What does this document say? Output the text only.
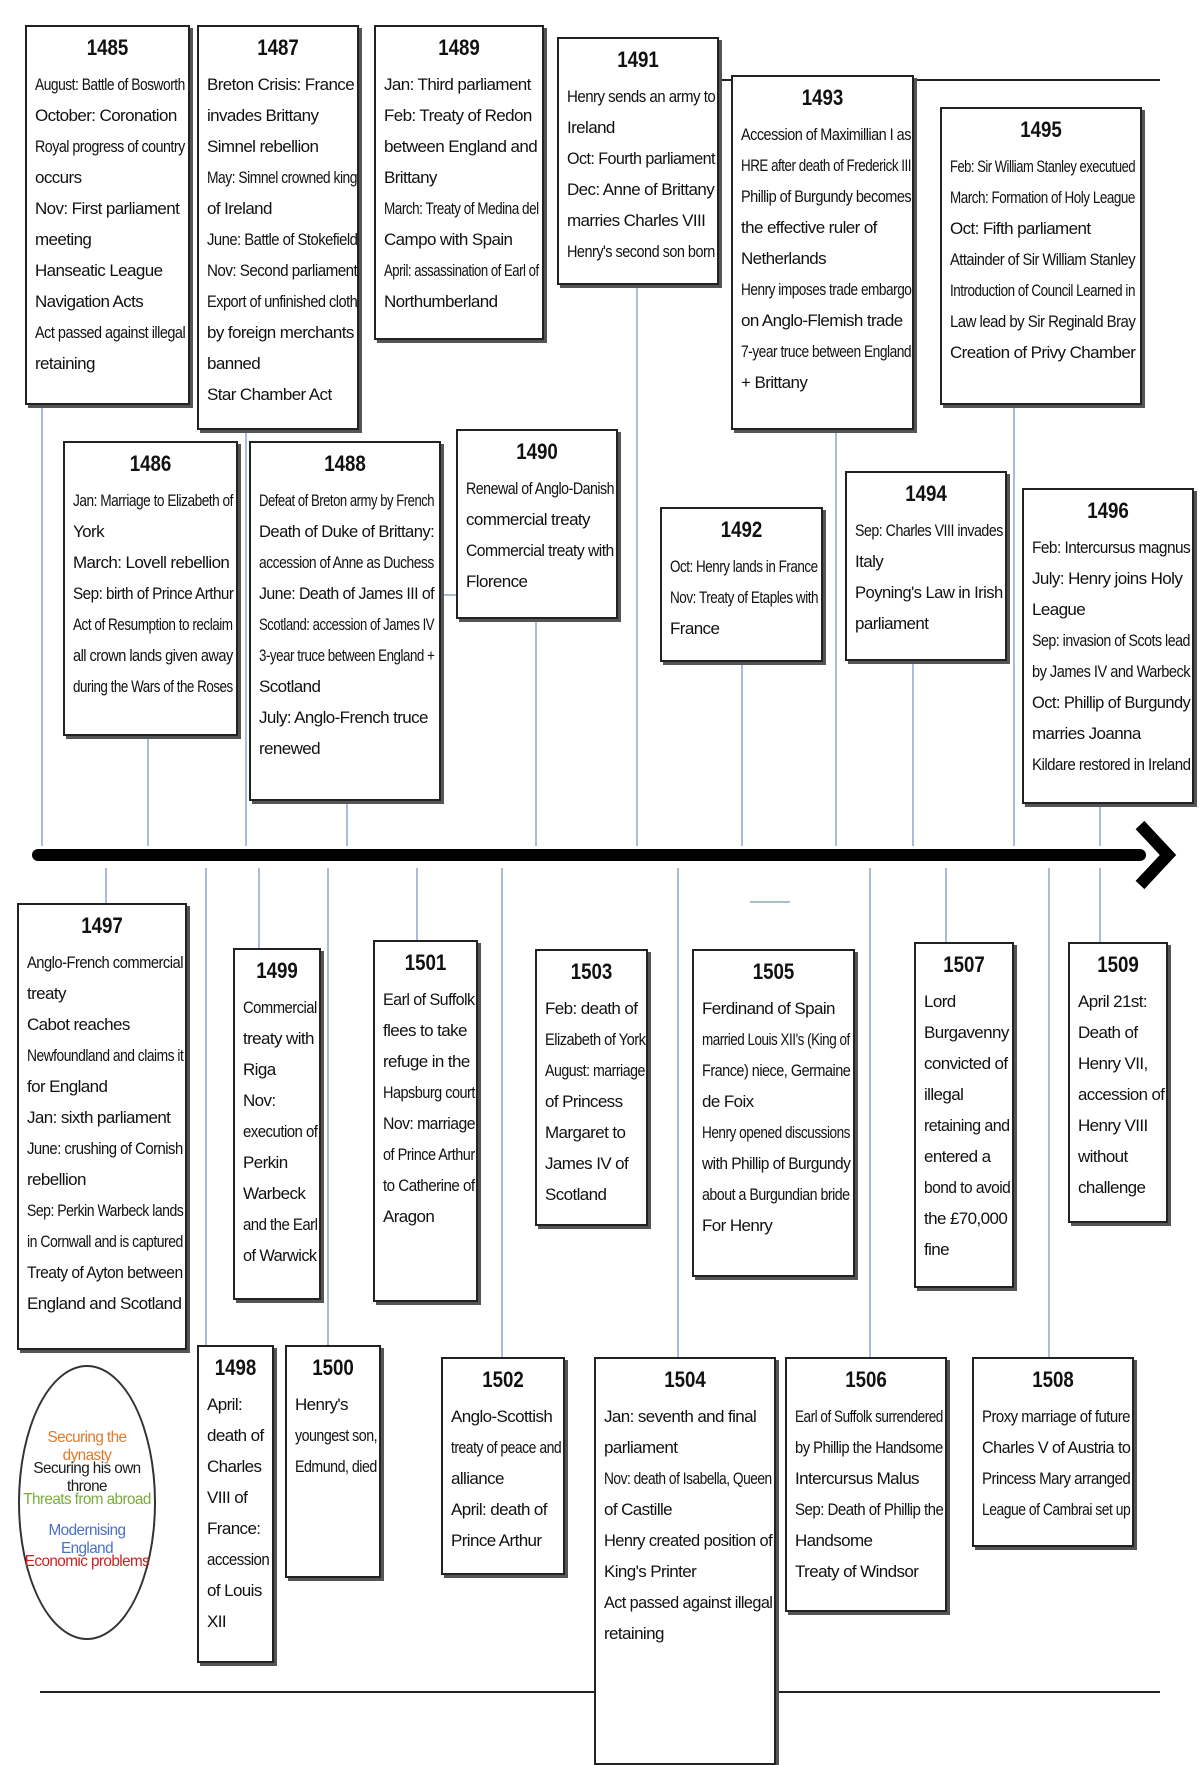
1485
August: Battle of Bosworth
October: Coronation
Royal progress of country
occurs
Nov: First parliament
meeting
Hanseatic League
Navigation Acts
Act passed against illegal
retaining
1487
Breton Crisis: France
invades Brittany
Simnel rebellion
May: Simnel crowned king
of Ireland
June: Battle of Stokefield
Nov: Second parliament
Export of unfinished cloth
by foreign merchants
banned
Star Chamber Act
1489
Jan: Third parliament
Feb: Treaty of Redon
between England and
Brittany
March: Treaty of Medina del
Campo with Spain
April: assassination of Earl of
Northumberland
1491
Henry sends an army to
Ireland
Oct: Fourth parliament
Dec: Anne of Brittany
marries Charles VIII
Henry's second son born
1493
Accession of Maximillian I as
HRE after death of Frederick III
Phillip of Burgundy becomes
the effective ruler of
Netherlands
Henry imposes trade embargo
on Anglo-Flemish trade
7-year truce between England
+ Brittany
1495
Feb: Sir William Stanley executued
March: Formation of Holy League
Oct: Fifth parliament
Attainder of Sir William Stanley
Introduction of Council Learned in
Law lead by Sir Reginald Bray
Creation of Privy Chamber
1486
Jan: Marriage to Elizabeth of
York
March: Lovell rebellion
Sep: birth of Prince Arthur
Act of Resumption to reclaim
all crown lands given away
during the Wars of the Roses
1488
Defeat of Breton army by French
Death of Duke of Brittany:
accession of Anne as Duchess
June: Death of James III of
Scotland: accession of James IV
3-year truce between England +
Scotland
July: Anglo-French truce
renewed
1490
Renewal of Anglo-Danish
commercial treaty
Commercial treaty with
Florence
1492
Oct: Henry lands in France
Nov: Treaty of Etaples with
France
1494
Sep: Charles VIII invades
Italy
Poyning's Law in Irish
parliament
1496
Feb: Intercursus magnus
July: Henry joins Holy
League
Sep: invasion of Scots lead
by James IV and Warbeck
Oct: Phillip of Burgundy
marries Joanna
Kildare restored in Ireland
1497
Anglo-French commercial
treaty
Cabot reaches
Newfoundland and claims it
for England
Jan: sixth parliament
June: crushing of Cornish
rebellion
Sep: Perkin Warbeck lands
in Cornwall and is captured
Treaty of Ayton between
England and Scotland
1499
Commercial
treaty with
Riga
Nov:
execution of
Perkin
Warbeck
and the Earl
of Warwick
1501
Earl of Suffolk
flees to take
refuge in the
Hapsburg court
Nov: marriage
of Prince Arthur
to Catherine of
Aragon
1503
Feb: death of
Elizabeth of York
August: marriage
of Princess
Margaret to
James IV of
Scotland
1505
Ferdinand of Spain
married Louis XII's (King of
France) niece, Germaine
de Foix
Henry opened discussions
with Phillip of Burgundy
about a Burgundian bride
For Henry
1507
Lord
Burgavenny
convicted of
illegal
retaining and
entered a
bond to avoid
the £70,000
fine
1509
April 21st:
Death of
Henry VII,
accession of
Henry VIII
without
challenge
1498
April:
death of
Charles
VIII of
France:
accession
of Louis
XII
1500
Henry's
youngest son,
Edmund, died
1502
Anglo-Scottish
treaty of peace and
alliance
April: death of
Prince Arthur
1504
Jan: seventh and final
parliament
Nov: death of Isabella, Queen
of Castille
Henry created position of
King's Printer
Act passed against illegal
retaining
1506
Earl of Suffolk surrendered
by Phillip the Handsome
Intercursus Malus
Sep: Death of Phillip the
Handsome
Treaty of Windsor
1508
Proxy marriage of future
Charles V of Austria to
Princess Mary arranged
League of Cambrai set up
Securing the dynasty
Securing his own throne
Threats from abroad
Modernising England
Economic problems
